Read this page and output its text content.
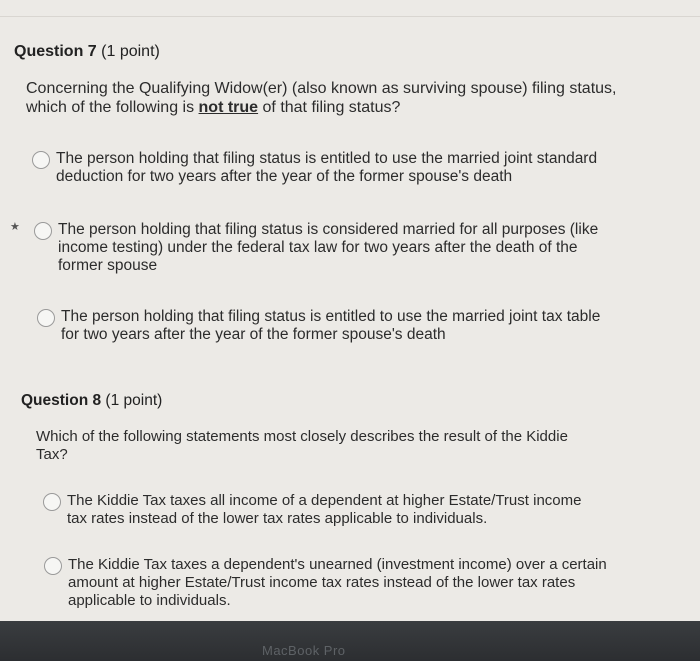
Question 7 (1 point)
Concerning the Qualifying Widow(er) (also known as surviving spouse) filing status,
which of the following is not true of that filing status?
The person holding that filing status is entitled to use the married joint standard
deduction for two years after the year of the former spouse's death
★ The person holding that filing status is considered married for all purposes (like
income testing) under the federal tax law for two years after the death of the
former spouse
The person holding that filing status is entitled to use the married joint tax table
for two years after the year of the former spouse's death
Question 8 (1 point)
Which of the following statements most closely describes the result of the Kiddie
Tax?
The Kiddie Tax taxes all income of a dependent at higher Estate/Trust income
tax rates instead of the lower tax rates applicable to individuals.
The Kiddie Tax taxes a dependent's unearned (investment income) over a certain
amount at higher Estate/Trust income tax rates instead of the lower tax rates
applicable to individuals.
MacBook Pro
